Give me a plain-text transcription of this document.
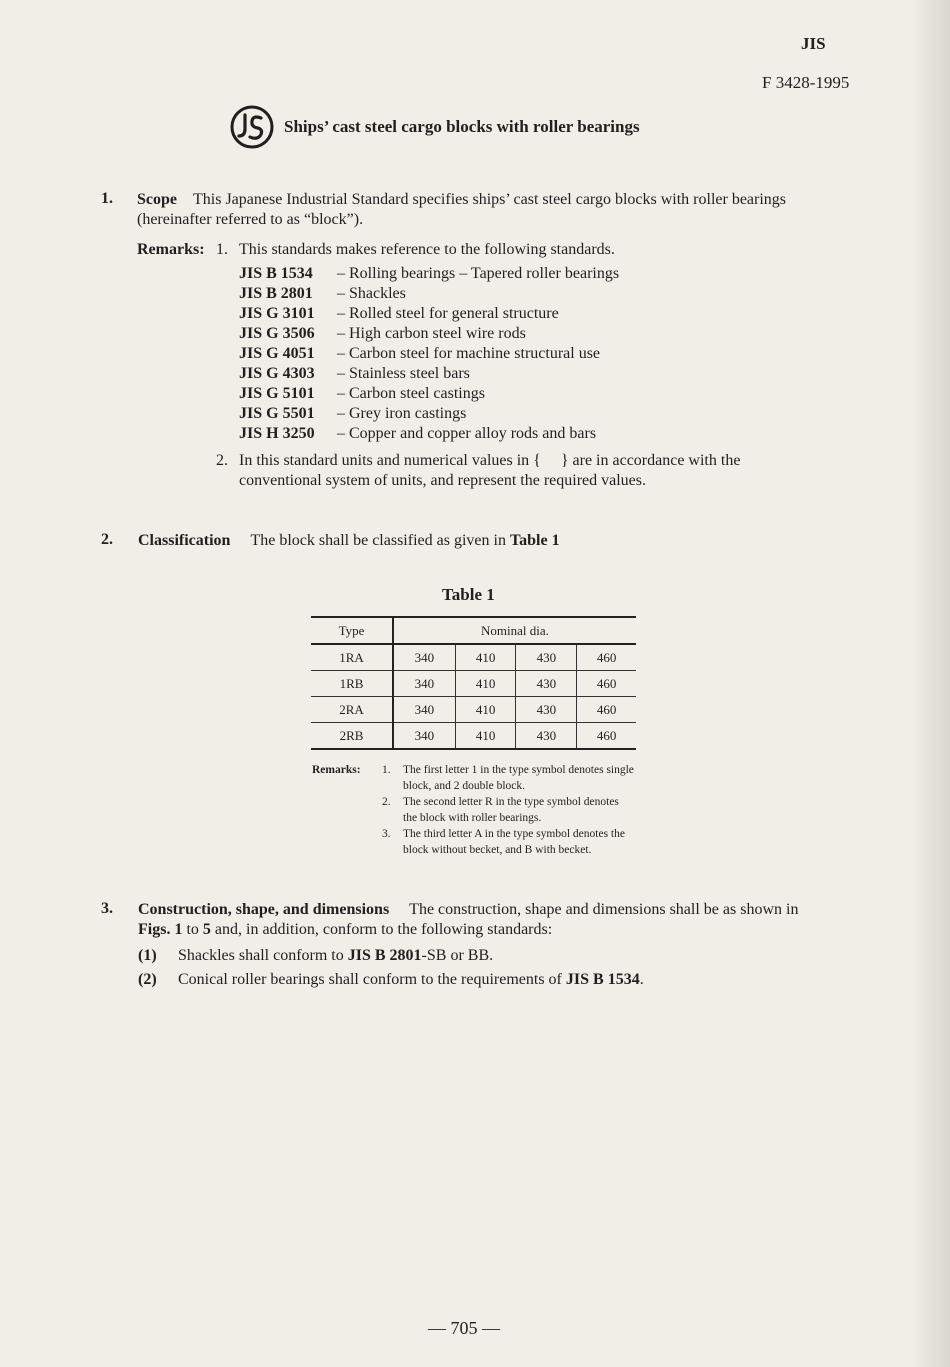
JIS
F 3428-1995
Ships’ cast steel cargo blocks with roller bearings
1. Scope This Japanese Industrial Standard specifies ships’ cast steel cargo blocks with roller bearings
(hereinafter referred to as “block”).
Remarks: 1. This standards makes reference to the following standards.
JIS B 1534 – Rolling bearings – Tapered roller bearings
JIS B 2801 – Shackles
JIS G 3101 – Rolled steel for general structure
JIS G 3506 – High carbon steel wire rods
JIS G 4051 – Carbon steel for machine structural use
JIS G 4303 – Stainless steel bars
JIS G 5101 – Carbon steel castings
JIS G 5501 – Grey iron castings
JIS H 3250 – Copper and copper alloy rods and bars
2. In this standard units and numerical values in {     } are in accordance with the
conventional system of units, and represent the required values.
2. Classification The block shall be classified as given in Table 1
Table 1
Type	Nominal dia.			
1RA	340	410	430	460
1RB	340	410	430	460
2RA	340	410	430	460
2RB	340	410	430	460
Remarks: 1. The first letter 1 in the type symbol denotes single
block, and 2 double block.
2. The second letter R in the type symbol denotes
the block with roller bearings.
3. The third letter A in the type symbol denotes the
block without becket, and B with becket.
3. Construction, shape, and dimensions The construction, shape and dimensions shall be as shown in
Figs. 1 to 5 and, in addition, conform to the following standards:
(1) Shackles shall conform to JIS B 2801-SB or BB.
(2) Conical roller bearings shall conform to the requirements of JIS B 1534.
— 705 —
